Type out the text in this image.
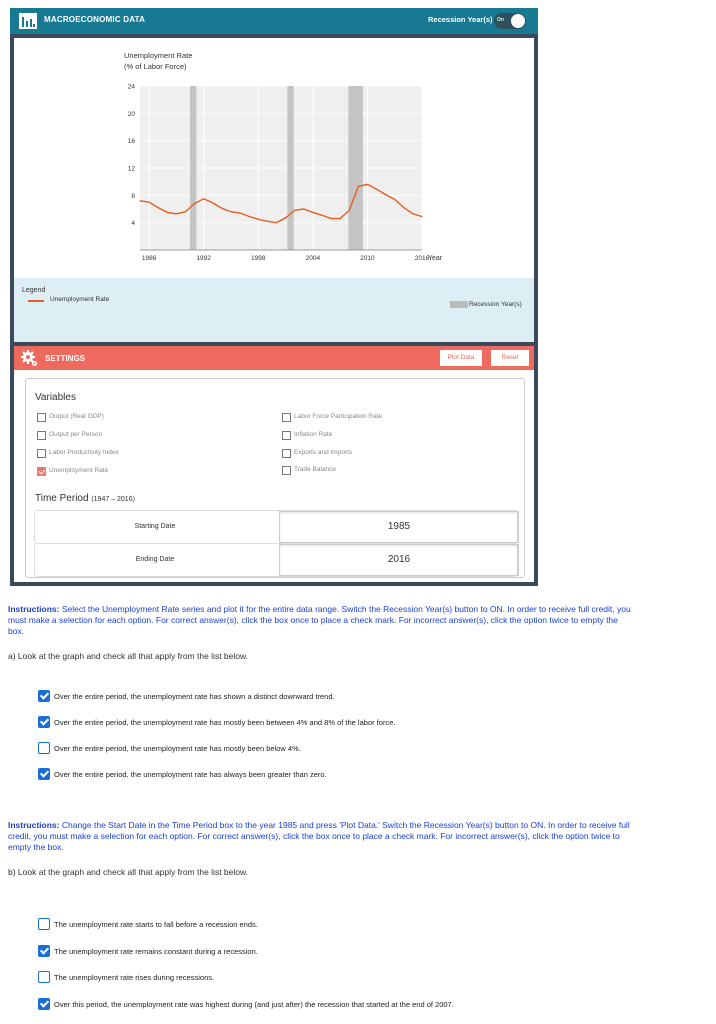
MACROECONOMIC DATA	Recession Year(s) On
Unemployment Rate
(% of Labor Force)
4
8
12
16
20
24
1986	1992	1998	2004	2010	2016
Year
Legend
Unemployment Rate
Recession Year(s)
SETTINGS	Plot Data	Reset
Variables
Output (Real GDP)
Output per Person
Labor Productivity Index
Unemployment Rate
Labor Force Participation Rate
Inflation Rate
Exports and Imports
Trade Balance
Time Period (1947 – 2016)
Starting Date	1985
Ending Date	2016
Instructions: Select the Unemployment Rate series and plot it for the entire data range. Switch the Recession Year(s) button to ON. In order to receive full credit, you must make a selection for each option. For correct answer(s), click the box once to place a check mark. For incorrect answer(s), click the option twice to empty the box.
a) Look at the graph and check all that apply from the list below.
Over the entire period, the unemployment rate has shown a distinct downward trend.
Over the entire period, the unemployment rate has mostly been between 4% and 8% of the labor force.
Over the entire period, the unemployment rate has mostly been below 4%.
Over the entire period, the unemployment rate has always been greater than zero.
Instructions: Change the Start Date in the Time Period box to the year 1985 and press 'Plot Data.' Switch the Recession Year(s) button to ON. In order to receive full credit, you must make a selection for each option. For correct answer(s), click the box once to place a check mark. For incorrect answer(s), click the option twice to empty the box.
b) Look at the graph and check all that apply from the list below.
The unemployment rate starts to fall before a recession ends.
The unemployment rate remains constant during a recession.
The unemployment rate rises during recessions.
Over this period, the unemployment rate was highest during (and just after) the recession that started at the end of 2007.
